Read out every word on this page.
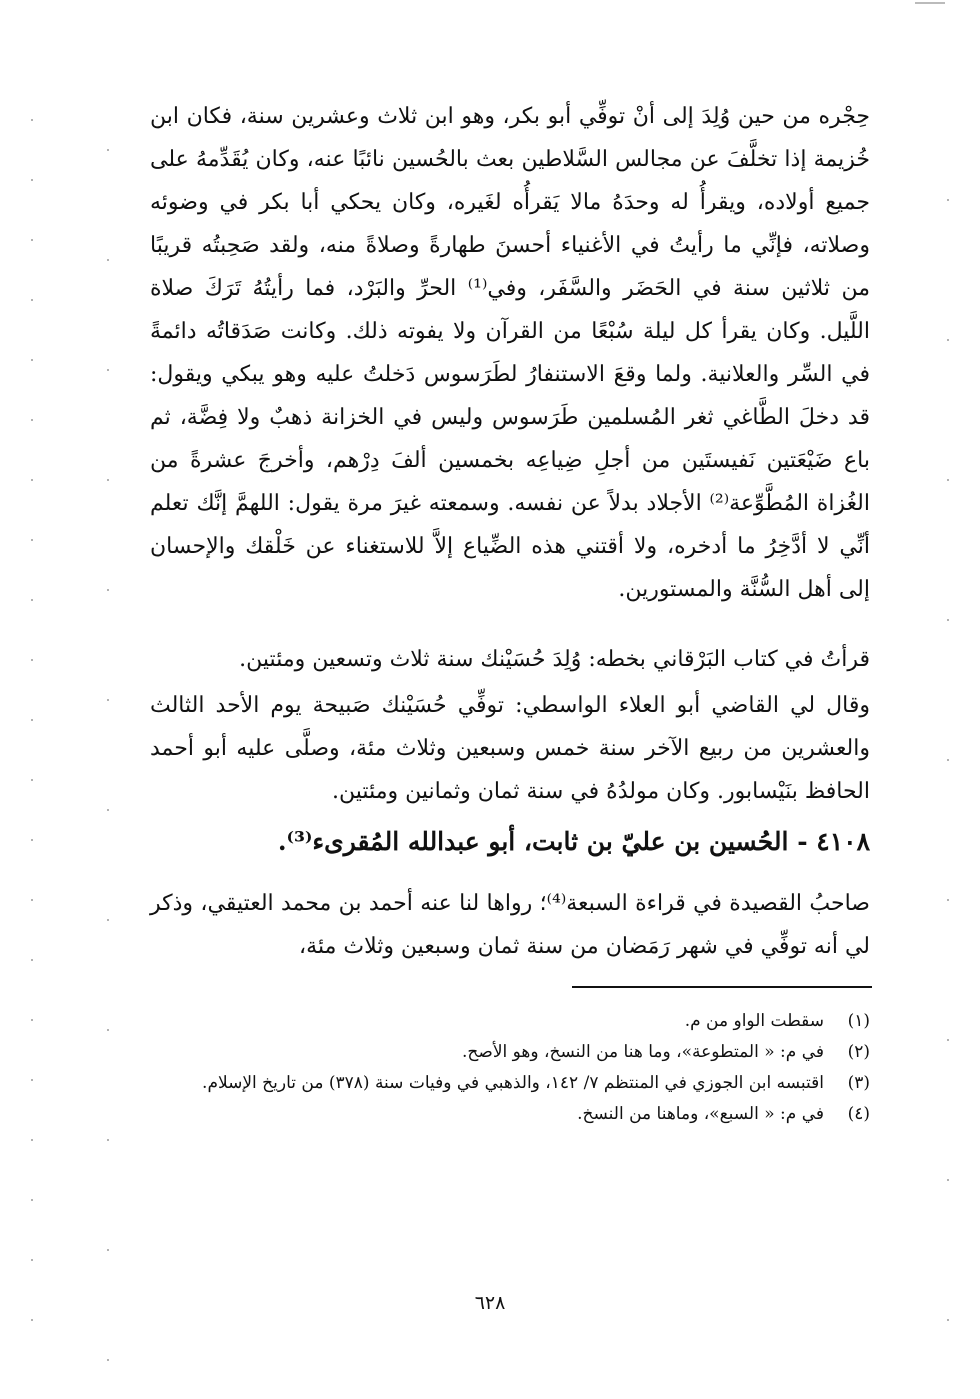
حِجْره من حين وُلِدَ إلى أنْ توفِّي أبو بكر، وهو ابن ثلاث وعشرين سنة، فكان ابن خُزيمة إذا تخلَّفَ عن مجالس السَّلاطين بعث بالحُسين نائبًا عنه، وكان يُقَدِّمهُ على جميع أولاده، ويقرأُ له وحدَهُ مالا يَقرأُه لغَيره، وكان يحكي أبا بكر في وضوئه وصلاته، فإنِّي ما رأيتُ في الأغنياء أحسنَ طهارةً وصلاةً منه، ولقد صَحِبتُه قريبًا من ثلاثين سنة في الحَضَر والسَّفَر، وفي⁽¹⁾ الحرِّ والبَرْد، فما رأيتُهُ تَرَكَ صلاة اللَّيل. وكان يقرأ كل ليلة سُبْعًا من القرآن ولا يفوته ذلك. وكانت صَدَقاتُه دائمةً في السِّر والعلانية. ولما وقعَ الاستنفارُ لطَرَسوس دَخلتُ عليه وهو يبكي ويقول: قد دخلَ الطَّاغي ثغر المُسلمين طَرَسوس وليس في الخزانة ذهبٌ ولا فِضَّة، ثم باع ضَيْعَتين نَفيستَين من أجلِ ضِياعِه بخمسين ألفَ دِرْهم، وأخرجَ عشرةً من الغُزاة المُطَّوِّعة⁽²⁾ الأجلاد بدلاً عن نفسه. وسمعته غيرَ مرة يقول: اللهمَّ إنَّك تعلم أنِّي لا أدَّخِرُ ما أدخره، ولا أقتني هذه الضِّياع إلاَّ للاستغناء عن خَلْقك والإحسان إلى أهل السُّنَّة والمستورين.
قرأتُ في كتاب البَرْقاني بخطه: وُلِدَ حُسَيْنك سنة ثلاث وتسعين ومئتين.
وقال لي القاضي أبو العلاء الواسطي: توفِّي حُسَيْنك صَبيحة يوم الأحد الثالث والعشرين من ربيع الآخر سنة خمس وسبعين وثلاث مئة، وصلَّى عليه أبو أحمد الحافظ بنَيْسابور. وكان مولدُهُ في سنة ثمان وثمانين ومئتين.
٤١٠٨ - الحُسين بن عليّ بن ثابت، أبو عبدالله المُقرىء⁽³⁾.
صاحبُ القصيدة في قراءة السبعة⁽⁴⁾؛ رواها لنا عنه أحمد بن محمد العتيقي، وذكر لي أنه توفِّي في شهر رَمَضان من سنة ثمان وسبعين وثلاث مئة،
(١)
سقطت الواو من م.
(٢)
في م: « المتطوعة»، وما هنا من النسخ، وهو الأصح.
(٣)
اقتبسه ابن الجوزي في المنتظم ٧/ ١٤٢، والذهبي في وفيات سنة (٣٧٨) من تاريخ الإسلام.
(٤)
في م: « السبع»، وماهنا من النسخ.
٦٢٨
